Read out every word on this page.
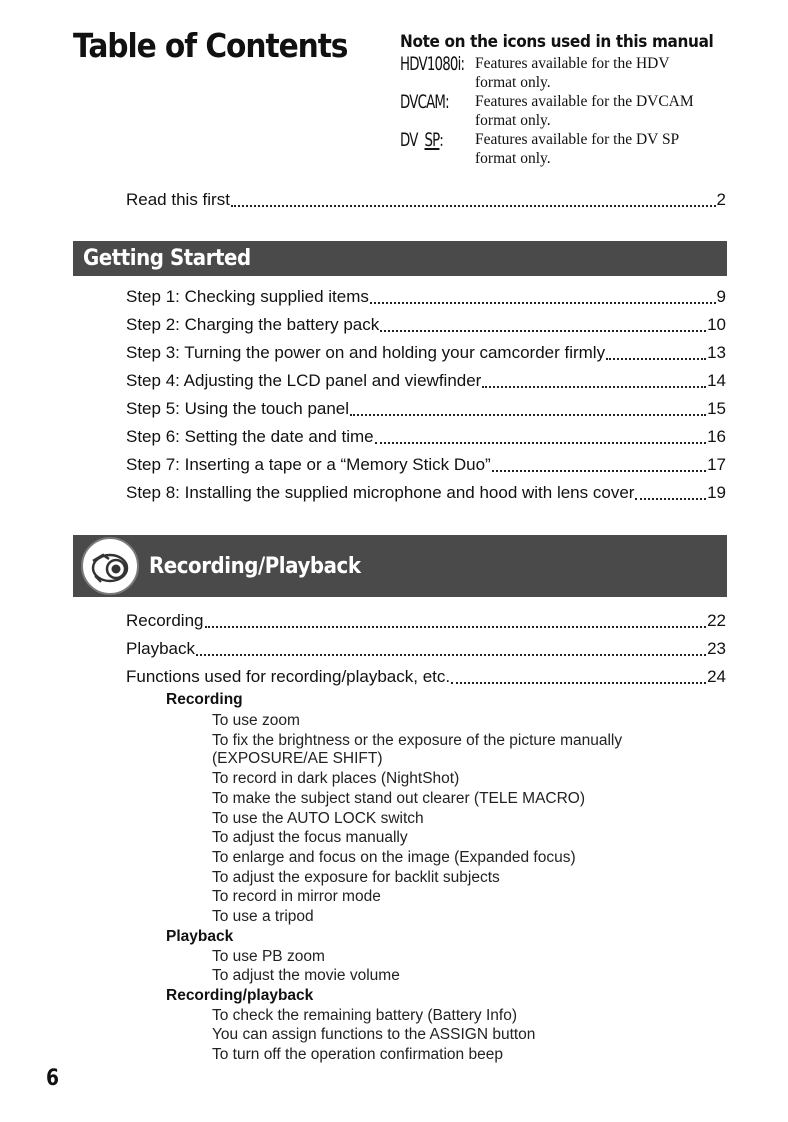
Table of Contents	Note on the icons used in this manual
HDV1080i: Features available for the HDV
format only.
DVCAM:	Features available for the DVCAM
format only.
DV SP:	Features available for the DV SP
format only.
Read this first	2
Getting Started
Step 1: Checking supplied items	9
Step 2: Charging the battery pack	10
Step 3: Turning the power on and holding your camcorder firmly	13
Step 4: Adjusting the LCD panel and viewfinder	14
Step 5: Using the touch panel	15
Step 6: Setting the date and time	16
Step 7: Inserting a tape or a “Memory Stick Duo”	17
Step 8: Installing the supplied microphone and hood with lens cover	19
Recording/Playback
Recording	22
Playback	23
Functions used for recording/playback, etc.	24
Recording
To use zoom
To fix the brightness or the exposure of the picture manually (EXPOSURE/AE SHIFT)
To record in dark places (NightShot)
To make the subject stand out clearer (TELE MACRO)
To use the AUTO LOCK switch
To adjust the focus manually
To enlarge and focus on the image (Expanded focus)
To adjust the exposure for backlit subjects
To record in mirror mode
To use a tripod
Playback
To use PB zoom
To adjust the movie volume
Recording/playback
To check the remaining battery (Battery Info)
You can assign functions to the ASSIGN button
To turn off the operation confirmation beep
6
